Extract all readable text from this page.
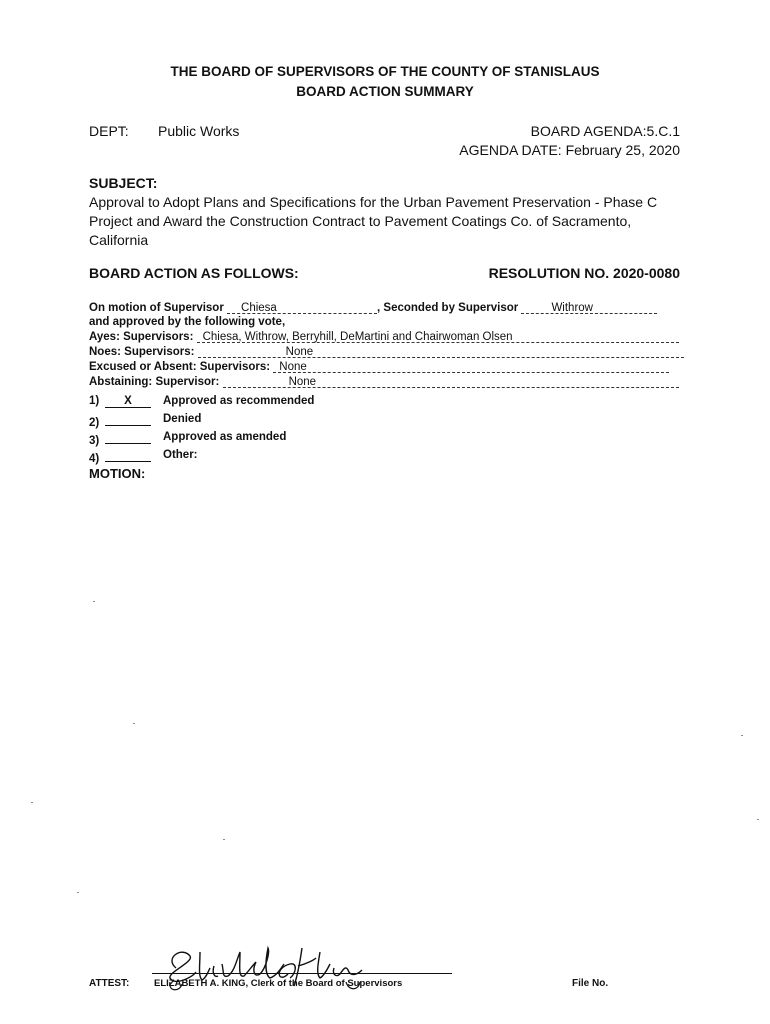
THE BOARD OF SUPERVISORS OF THE COUNTY OF STANISLAUS
BOARD ACTION SUMMARY
DEPT: Public Works	BOARD AGENDA:5.C.1
AGENDA DATE: February 25, 2020
SUBJECT:
Approval to Adopt Plans and Specifications for the Urban Pavement Preservation - Phase C Project and Award the Construction Contract to Pavement Coatings Co. of Sacramento, California
BOARD ACTION AS FOLLOWS:	RESOLUTION NO. 2020-0080
On motion of Supervisor Chiesa	, Seconded by Supervisor	Withrow
and approved by the following vote,
Ayes: Supervisors: Chiesa, Withrow, Berryhill, DeMartini and Chairwoman Olsen
Noes: Supervisors:	None
Excused or Absent: Supervisors: None
Abstaining: Supervisor:	None
1) X	Approved as recommended
2)	Denied
3)	Approved as amended
4)	Other:
MOTION:
ATTEST:	ELIZABETH A. KING, Clerk of the Board of Supervisors	File No.
